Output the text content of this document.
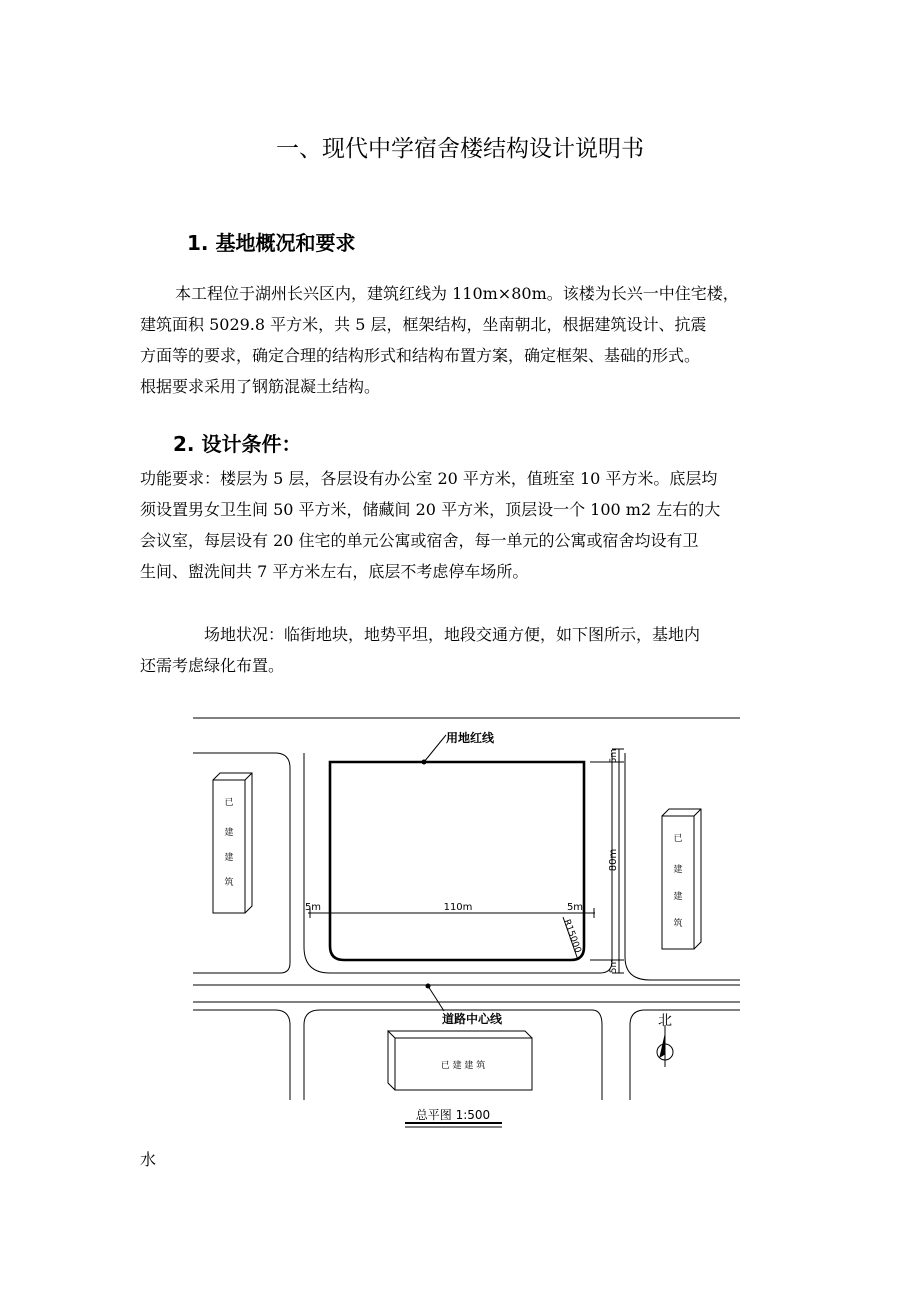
一、现代中学宿舍楼结构设计说明书
1. 基地概况和要求
本工程位于湖州长兴区内，建筑红线为 110m×80m。该楼为长兴一中住宅楼，
建筑面积 5029.8 平方米，共 5 层，框架结构，坐南朝北，根据建筑设计、抗震
方面等的要求，确定合理的结构形式和结构布置方案，确定框架、基础的形式。
根据要求采用了钢筋混凝土结构。
2. 设计条件：
功能要求：楼层为 5 层，各层设有办公室 20 平方米，值班室 10 平方米。底层均
须设置男女卫生间 50 平方米，储藏间 20 平方米，顶层设一个 100 m2 左右的大
会议室，每层设有 20 住宅的单元公寓或宿舍，每一单元的公寓或宿舍均设有卫
生间、盥洗间共 7 平方米左右，底层不考虑停车场所。
场地状况：临街地块，地势平坦，地段交通方便，如下图所示，基地内
还需考虑绿化布置。
用地红线
道路中心线
110m
5m	5m
80m
5m
5m
R15000
已
建
建
筑
已
建
建
筑
已 建 建 筑
北
总平图 1:500
水
